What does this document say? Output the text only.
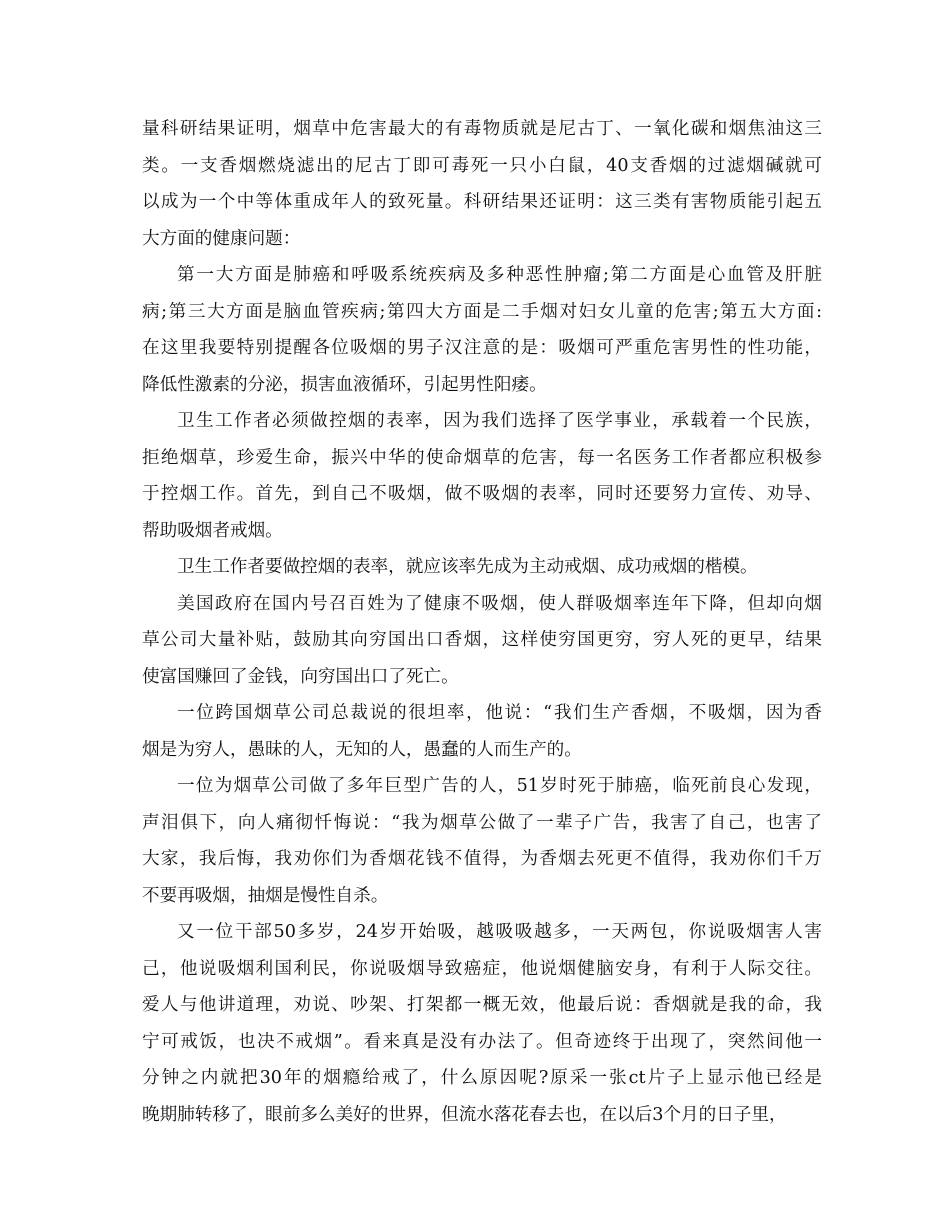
量科研结果证明，烟草中危害最大的有毒物质就是尼古丁、一氧化碳和烟焦油这三
类。一支香烟燃烧滤出的尼古丁即可毒死一只小白鼠，40支香烟的过滤烟碱就可
以成为一个中等体重成年人的致死量。科研结果还证明：这三类有害物质能引起五
大方面的健康问题：
第一大方面是肺癌和呼吸系统疾病及多种恶性肿瘤;第二方面是心血管及肝脏
病;第三大方面是脑血管疾病;第四大方面是二手烟对妇女儿童的危害;第五大方面:
在这里我要特别提醒各位吸烟的男子汉注意的是：吸烟可严重危害男性的性功能，
降低性激素的分泌，损害血液循环，引起男性阳痿。
卫生工作者必须做控烟的表率，因为我们选择了医学事业，承载着一个民族，
拒绝烟草，珍爱生命，振兴中华的使命烟草的危害，每一名医务工作者都应积极参
于控烟工作。首先，到自己不吸烟，做不吸烟的表率，同时还要努力宣传、劝导、
帮助吸烟者戒烟。
卫生工作者要做控烟的表率，就应该率先成为主动戒烟、成功戒烟的楷模。
美国政府在国内号召百姓为了健康不吸烟，使人群吸烟率连年下降，但却向烟
草公司大量补贴，鼓励其向穷国出口香烟，这样使穷国更穷，穷人死的更早，结果
使富国赚回了金钱，向穷国出口了死亡。
一位跨国烟草公司总裁说的很坦率，他说：“我们生产香烟，不吸烟，因为香
烟是为穷人，愚昧的人，无知的人，愚蠢的人而生产的。
一位为烟草公司做了多年巨型广告的人，51岁时死于肺癌，临死前良心发现，
声泪俱下，向人痛彻忏悔说：“我为烟草公做了一辈子广告，我害了自己，也害了
大家，我后悔，我劝你们为香烟花钱不值得，为香烟去死更不值得，我劝你们千万
不要再吸烟，抽烟是慢性自杀。
又一位干部50多岁，24岁开始吸，越吸吸越多，一天两包，你说吸烟害人害
己，他说吸烟利国利民，你说吸烟导致癌症，他说烟健脑安身，有利于人际交往。
爱人与他讲道理，劝说、吵架、打架都一概无效，他最后说：香烟就是我的命，我
宁可戒饭，也决不戒烟”。看来真是没有办法了。但奇迹终于出现了，突然间他一
分钟之内就把30年的烟瘾给戒了，什么原因呢?原采一张ct片子上显示他已经是
晚期肺转移了，眼前多么美好的世界，但流水落花春去也，在以后3个月的日子里，
